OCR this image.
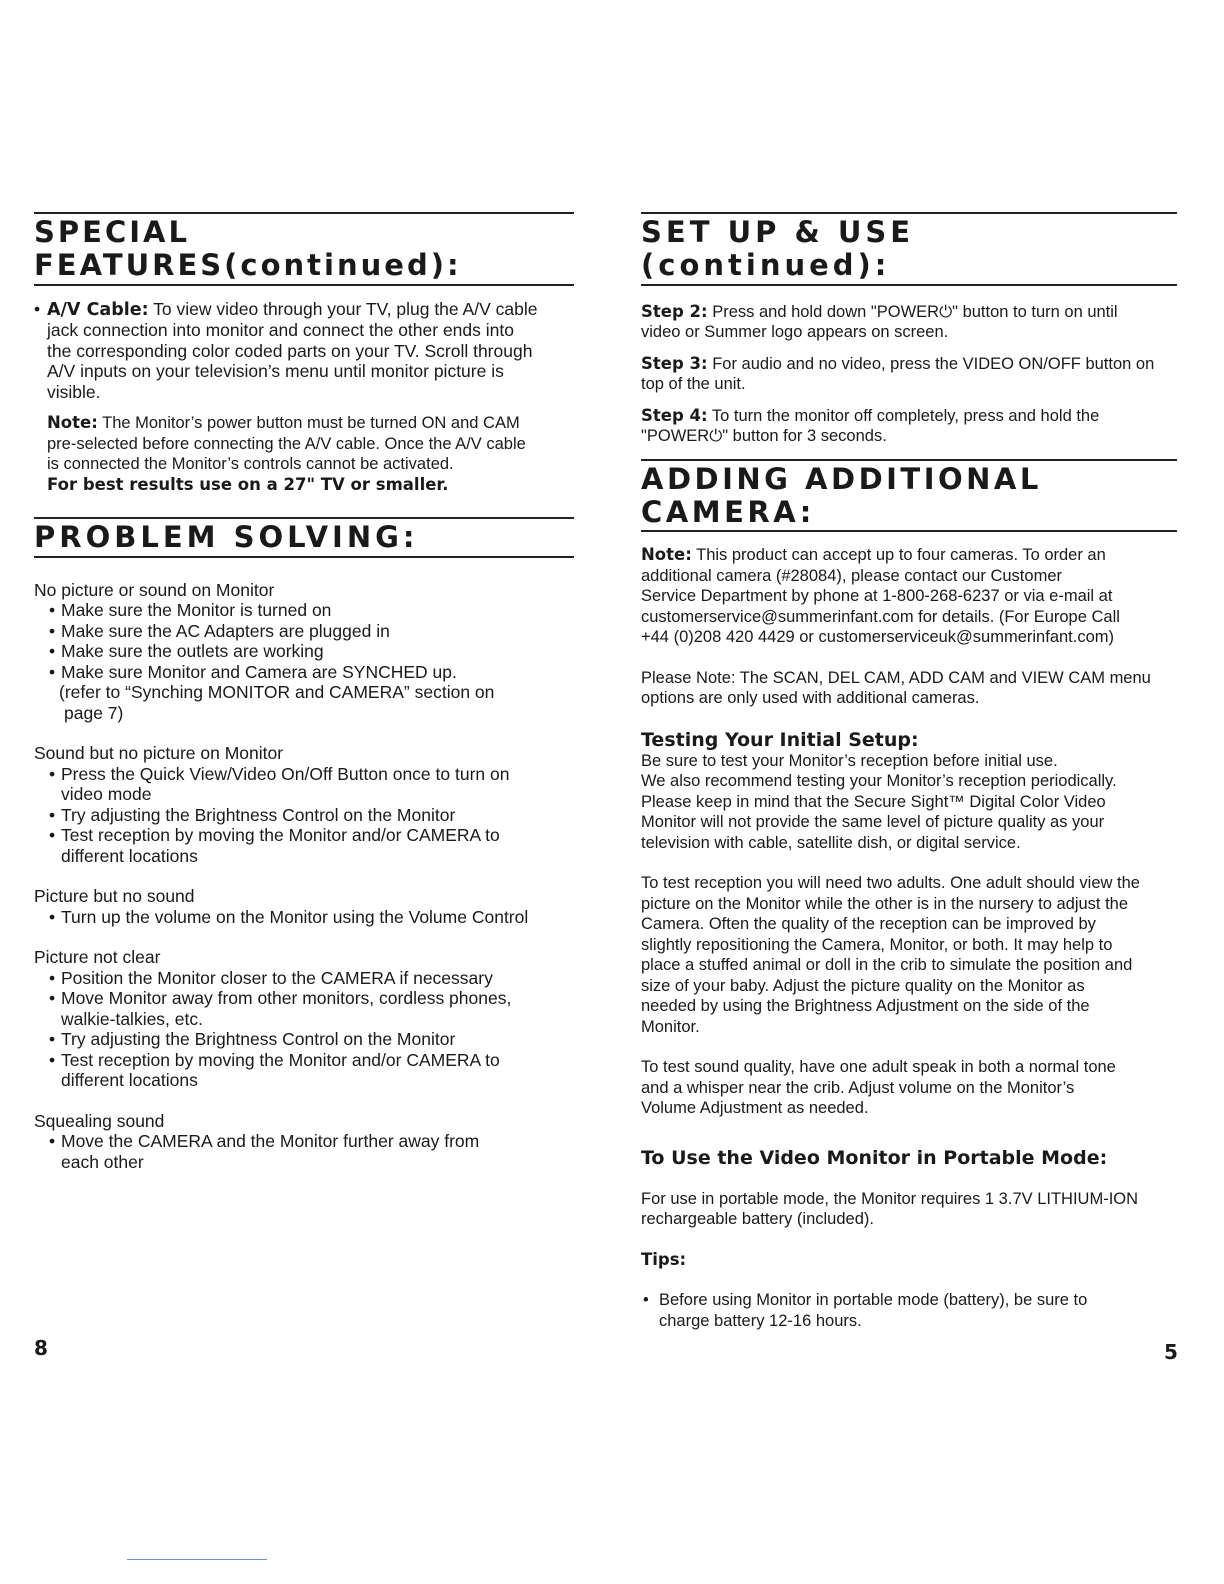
SPECIAL FEATURES(continued):
• A/V Cable: To view video through your TV, plug the A/V cable
jack connection into monitor and connect the other ends into
the corresponding color coded parts on your TV. Scroll through
A/V inputs on your television’s menu until monitor picture is
visible.
Note: The Monitor’s power button must be turned ON and CAM
pre-selected before connecting the A/V cable. Once the A/V cable
is connected the Monitor’s controls cannot be activated.
For best results use on a 27" TV or smaller.
PROBLEM SOLVING:
No picture or sound on Monitor
• Make sure the Monitor is turned on
• Make sure the AC Adapters are plugged in
• Make sure the outlets are working
• Make sure Monitor and Camera are SYNCHED up.
(refer to “Synching MONITOR and CAMERA” section on
page 7)
Sound but no picture on Monitor
• Press the Quick View/Video On/Off Button once to turn on
video mode
• Try adjusting the Brightness Control on the Monitor
• Test reception by moving the Monitor and/or CAMERA to
different locations
Picture but no sound
• Turn up the volume on the Monitor using the Volume Control
Picture not clear
• Position the Monitor closer to the CAMERA if necessary
• Move Monitor away from other monitors, cordless phones,
walkie-talkies, etc.
• Try adjusting the Brightness Control on the Monitor
• Test reception by moving the Monitor and/or CAMERA to
different locations
Squealing sound
• Move the CAMERA and the Monitor further away from
each other
SET UP & USE (continued):
Step 2: Press and hold down "POWER⏻" button to turn on until
video or Summer logo appears on screen.
Step 3: For audio and no video, press the VIDEO ON/OFF button on
top of the unit.
Step 4: To turn the monitor off completely, press and hold the
"POWER⏻" button for 3 seconds.
ADDING ADDITIONAL CAMERA:
Note: This product can accept up to four cameras. To order an
additional camera (#28084), please contact our Customer
Service Department by phone at 1-800-268-6237 or via e-mail at
customerservice@summerinfant.com for details. (For Europe Call
+44 (0)208 420 4429 or customerserviceuk@summerinfant.com)
Please Note: The SCAN, DEL CAM, ADD CAM and VIEW CAM menu
options are only used with additional cameras.
Testing Your Initial Setup:
Be sure to test your Monitor’s reception before initial use.
We also recommend testing your Monitor’s reception periodically.
Please keep in mind that the Secure Sight™ Digital Color Video
Monitor will not provide the same level of picture quality as your
television with cable, satellite dish, or digital service.
To test reception you will need two adults. One adult should view the
picture on the Monitor while the other is in the nursery to adjust the
Camera. Often the quality of the reception can be improved by
slightly repositioning the Camera, Monitor, or both. It may help to
place a stuffed animal or doll in the crib to simulate the position and
size of your baby. Adjust the picture quality on the Monitor as
needed by using the Brightness Adjustment on the side of the
Monitor.
To test sound quality, have one adult speak in both a normal tone
and a whisper near the crib. Adjust volume on the Monitor’s
Volume Adjustment as needed.
To Use the Video Monitor in Portable Mode:
For use in portable mode, the Monitor requires 1 3.7V LITHIUM-ION
rechargeable battery (included).
Tips:
• Before using Monitor in portable mode (battery), be sure to
charge battery 12-16 hours.
8	5
